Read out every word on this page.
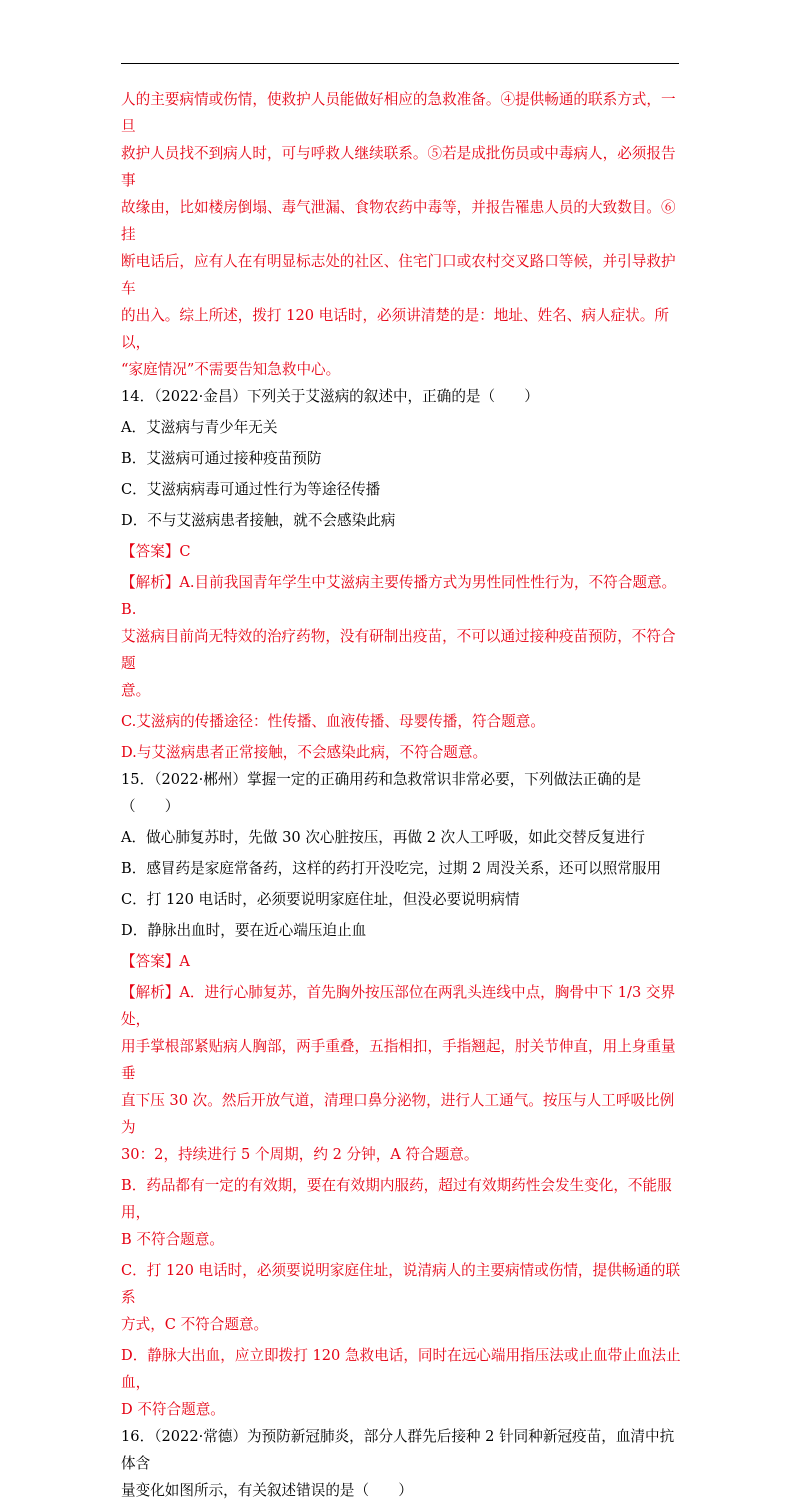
人的主要病情或伤情，使救护人员能做好相应的急救准备。④提供畅通的联系方式，一旦

救护人员找不到病人时，可与呼救人继续联系。⑤若是成批伤员或中毒病人，必须报告事

故缘由，比如楼房倒塌、毒气泄漏、食物农药中毒等，并报告罹患人员的大致数目。⑥挂

断电话后，应有人在有明显标志处的社区、住宅门口或农村交叉路口等候，并引导救护车

的出入。综上所述，拨打 120 电话时，必须讲清楚的是：地址、姓名、病人症状。所以，

“家庭情况”不需要告知急救中心。

14．（2022·金昌）下列关于艾滋病的叙述中，正确的是（　　）

A．艾滋病与青少年无关

B．艾滋病可通过接种疫苗预防

C．艾滋病病毒可通过性行为等途径传播

D．不与艾滋病患者接触，就不会感染此病

【答案】C

【解析】A.目前我国青年学生中艾滋病主要传播方式为男性同性性行为，不符合题意。B.

艾滋病目前尚无特效的治疗药物，没有研制出疫苗，不可以通过接种疫苗预防，不符合题

意。

C.艾滋病的传播途径：性传播、血液传播、母婴传播，符合题意。

D.与艾滋病患者正常接触，不会感染此病，不符合题意。

15．（2022·郴州）掌握一定的正确用药和急救常识非常必要，下列做法正确的是（　　）

A．做心肺复苏时，先做 30 次心脏按压，再做 2 次人工呼吸，如此交替反复进行

B．感冒药是家庭常备药，这样的药打开没吃完，过期 2 周没关系，还可以照常服用

C．打 120 电话时，必须要说明家庭住址，但没必要说明病情

D．静脉出血时，要在近心端压迫止血

【答案】A

【解析】A．进行心肺复苏，首先胸外按压部位在两乳头连线中点，胸骨中下 1/3 交界处，

用手掌根部紧贴病人胸部，两手重叠，五指相扣，手指翘起，肘关节伸直，用上身重量垂

直下压 30 次。然后开放气道，清理口鼻分泌物，进行人工通气。按压与人工呼吸比例为

30：2，持续进行 5 个周期，约 2 分钟，A 符合题意。

B．药品都有一定的有效期，要在有效期内服药，超过有效期药性会发生变化，不能服用，

B 不符合题意。

C．打 120 电话时，必须要说明家庭住址，说清病人的主要病情或伤情，提供畅通的联系

方式，C 不符合题意。

D．静脉大出血，应立即拨打 120 急救电话，同时在远心端用指压法或止血带止血法止血，

D 不符合题意。

16．（2022·常德）为预防新冠肺炎，部分人群先后接种 2 针同种新冠疫苗，血清中抗体含

量变化如图所示，有关叙述错误的是（　　）
